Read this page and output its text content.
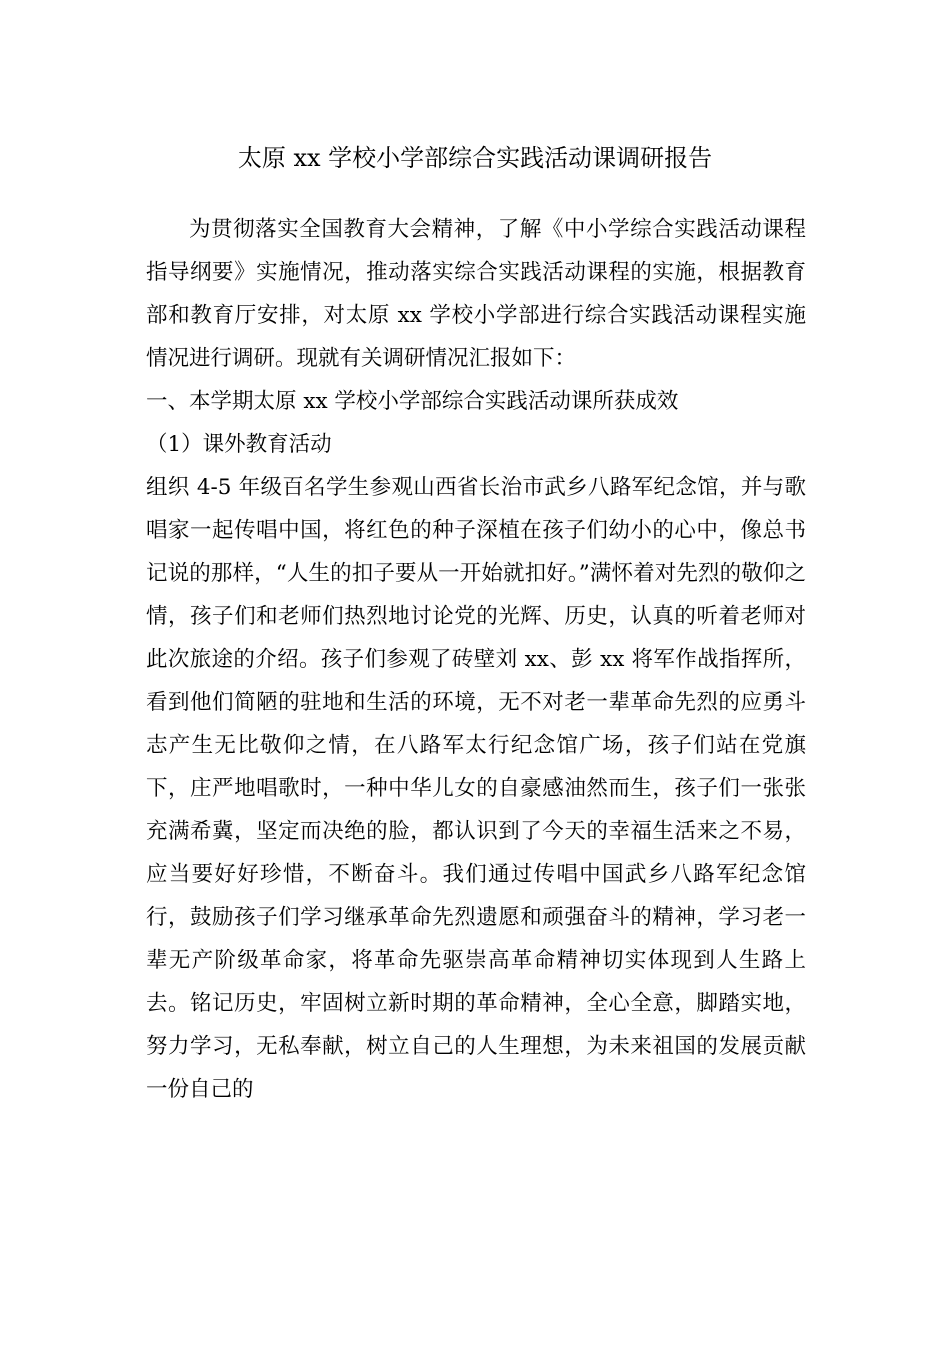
太原 xx 学校小学部综合实践活动课调研报告

为贯彻落实全国教育大会精神，了解《中小学综合实践活动课程指导纲要》实施情况，推动落实综合实践活动课程的实施，根据教育部和教育厅安排，对太原 xx 学校小学部进行综合实践活动课程实施情况进行调研。现就有关调研情况汇报如下：

一、本学期太原 xx 学校小学部综合实践活动课所获成效

（1）课外教育活动

组织 4-5 年级百名学生参观山西省长治市武乡八路军纪念馆，并与歌唱家一起传唱中国，将红色的种子深植在孩子们幼小的心中，像总书记说的那样，“人生的扣子要从一开始就扣好。”满怀着对先烈的敬仰之情，孩子们和老师们热烈地讨论党的光辉、历史，认真的听着老师对此次旅途的介绍。孩子们参观了砖壁刘 xx、彭 xx 将军作战指挥所，看到他们简陋的驻地和生活的环境，无不对老一辈革命先烈的应勇斗志产生无比敬仰之情，在八路军太行纪念馆广场，孩子们站在党旗下，庄严地唱歌时，一种中华儿女的自豪感油然而生，孩子们一张张充满希冀，坚定而决绝的脸，都认识到了今天的幸福生活来之不易，应当要好好珍惜，不断奋斗。我们通过传唱中国武乡八路军纪念馆行，鼓励孩子们学习继承革命先烈遗愿和顽强奋斗的精神，学习老一辈无产阶级革命家，将革命先驱崇高革命精神切实体现到人生路上去。铭记历史，牢固树立新时期的革命精神，全心全意，脚踏实地，努力学习，无私奉献，树立自己的人生理想，为未来祖国的发展贡献一份自己的
